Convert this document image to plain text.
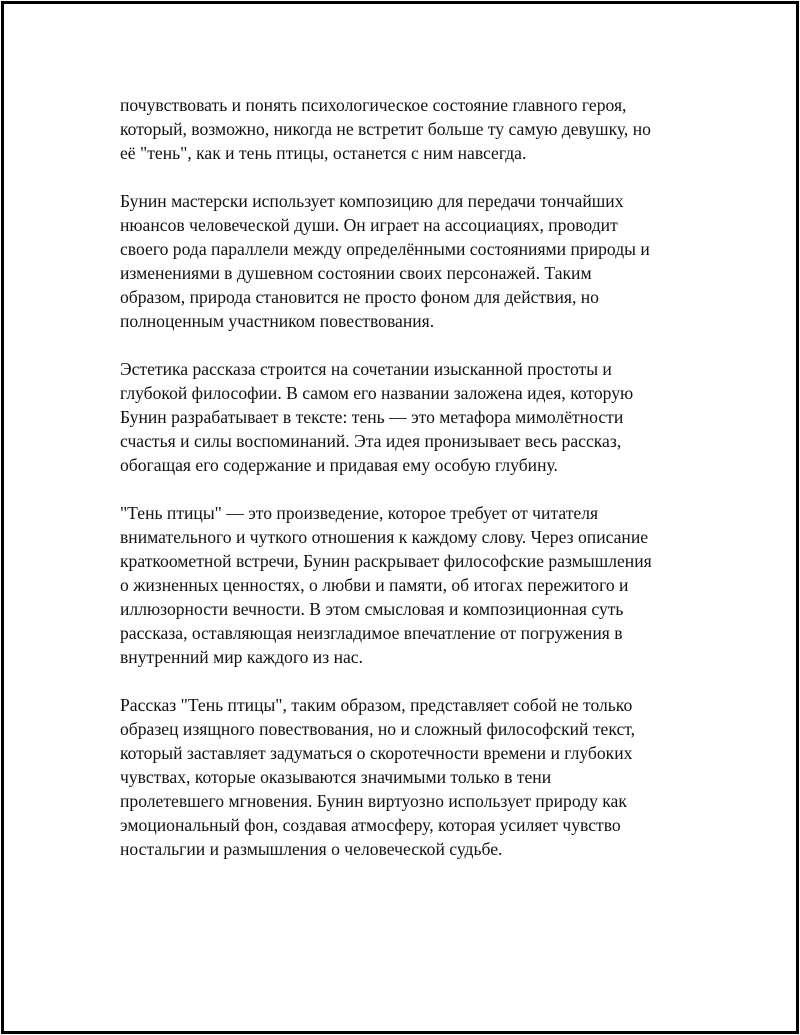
почувствовать и понять психологическое состояние главного героя,
который, возможно, никогда не встретит больше ту самую девушку, но
её "тень", как и тень птицы, останется с ним навсегда.

Бунин мастерски использует композицию для передачи тончайших
нюансов человеческой души. Он играет на ассоциациях, проводит
своего рода параллели между определёнными состояниями природы и
изменениями в душевном состоянии своих персонажей. Таким
образом, природа становится не просто фоном для действия, но
полноценным участником повествования.

Эстетика рассказа строится на сочетании изысканной простоты и
глубокой философии. В самом его названии заложена идея, которую
Бунин разрабатывает в тексте: тень — это метафора мимолётности
счастья и силы воспоминаний. Эта идея пронизывает весь рассказ,
обогащая его содержание и придавая ему особую глубину.

"Тень птицы" — это произведение, которое требует от читателя
внимательного и чуткого отношения к каждому слову. Через описание
краткоометной встречи, Бунин раскрывает философские размышления
о жизненных ценностях, о любви и памяти, об итогах пережитого и
иллюзорности вечности. В этом смысловая и композиционная суть
рассказа, оставляющая неизгладимое впечатление от погружения в
внутренний мир каждого из нас.

Рассказ "Тень птицы", таким образом, представляет собой не только
образец изящного повествования, но и сложный философский текст,
который заставляет задуматься о скоротечности времени и глубоких
чувствах, которые оказываются значимыми только в тени
пролетевшего мгновения. Бунин виртуозно использует природу как
эмоциональный фон, создавая атмосферу, которая усиляет чувство
ностальгии и размышления о человеческой судьбе.
